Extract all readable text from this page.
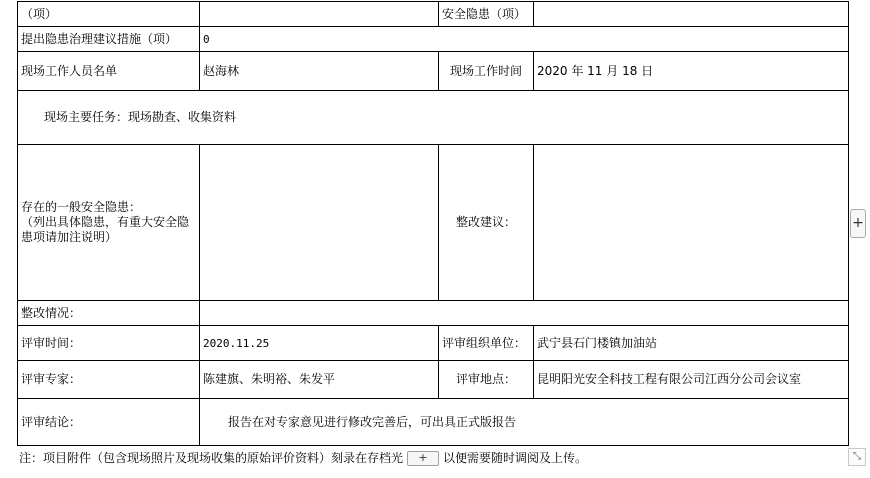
（项）		安全隐患（项）	
提出隐患治理建议措施（项）	0		
现场工作人员名单	赵海林	现场工作时间	2020 年 11 月 18 日
现场主要任务：现场勘查、收集资料			

存在的一般安全隐患：
（列出具体隐患，有重大安全隐患项请加注说明）		整改建议：	
整改情况：			
评审时间：	2020.11.25	评审组织单位：	武宁县石门楼镇加油站
评审专家：	陈建旗、朱明裕、朱发平	评审地点：	昆明阳光安全科技工程有限公司江西分公司会议室
评审结论：	报告在对专家意见进行修改完善后，可出具正式版报告		
注：项目附件（包含现场照片及现场收集的原始评价资料）刻录在存档光 + 以便需要随时调阅及上传。
+
⤡
